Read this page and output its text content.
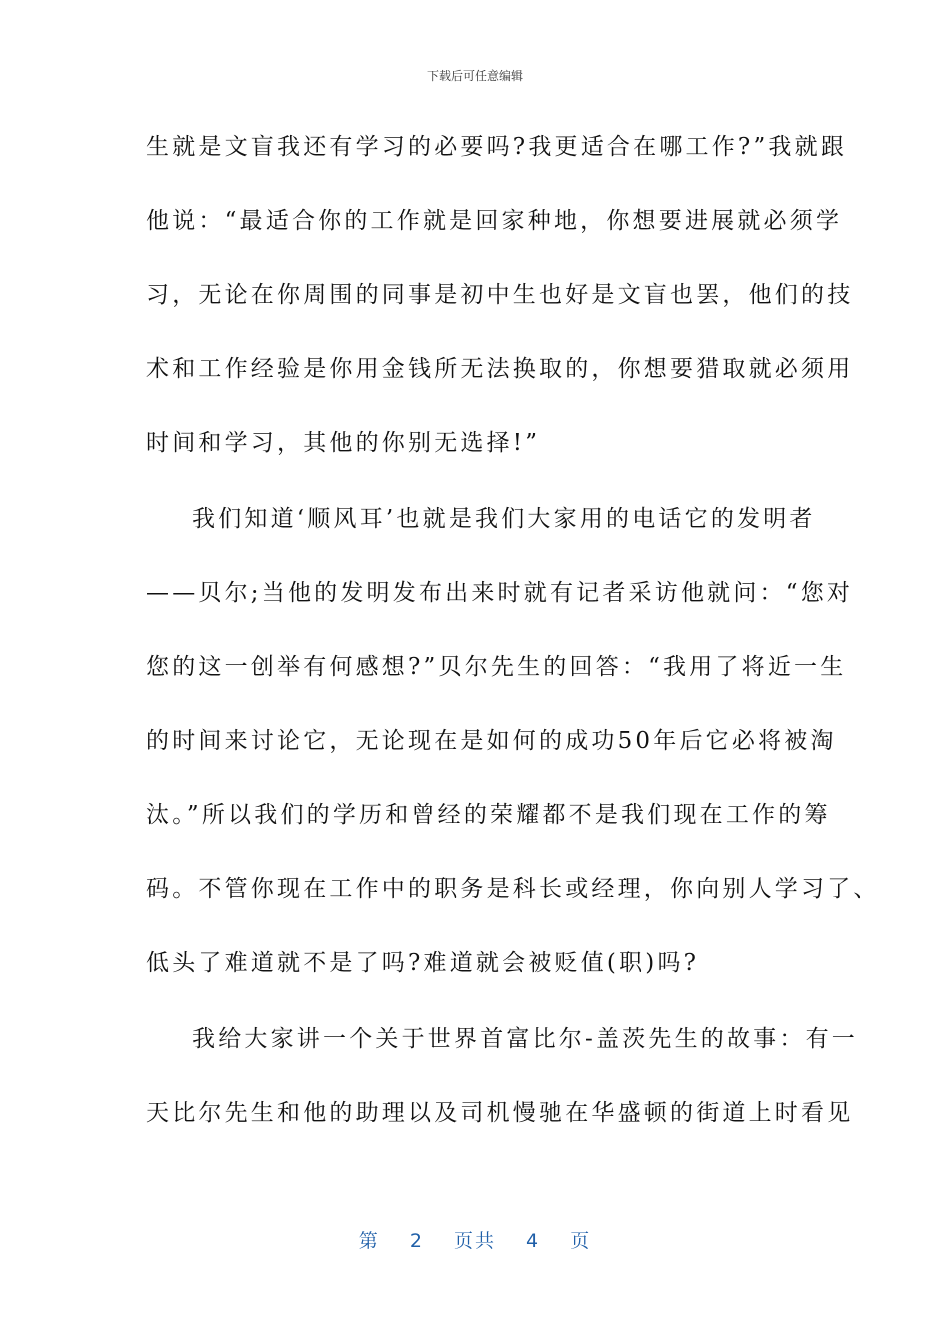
下载后可任意编辑
生就是文盲我还有学习的必要吗?我更适合在哪工作?”我就跟
他说：“最适合你的工作就是回家种地，你想要进展就必须学
习，无论在你周围的同事是初中生也好是文盲也罢，他们的技
术和工作经验是你用金钱所无法换取的，你想要猎取就必须用
时间和学习，其他的你别无选择!”
我们知道‘顺风耳’也就是我们大家用的电话它的发明者
——贝尔;当他的发明发布出来时就有记者采访他就问：“您对
您的这一创举有何感想?”贝尔先生的回答：“我用了将近一生
的时间来讨论它，无论现在是如何的成功50年后它必将被淘
汰。”所以我们的学历和曾经的荣耀都不是我们现在工作的筹
码。不管你现在工作中的职务是科长或经理，你向别人学习了、
低头了难道就不是了吗?难道就会被贬值(职)吗?
我给大家讲一个关于世界首富比尔-盖茨先生的故事：有一
天比尔先生和他的助理以及司机慢驰在华盛顿的街道上时看见
第 2 页共 4 页
